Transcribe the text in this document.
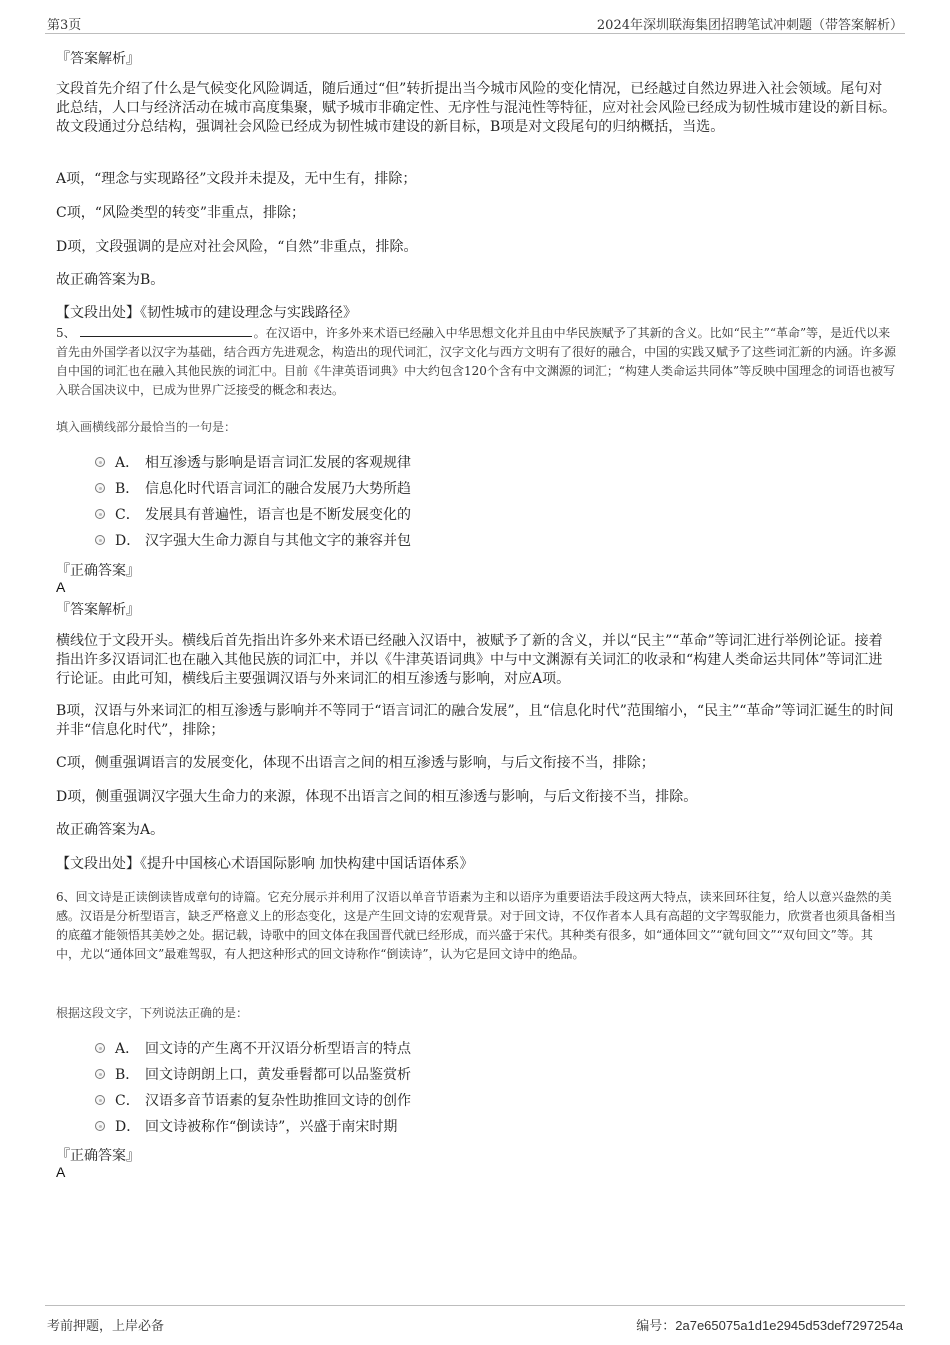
第3页	2024年深圳联海集团招聘笔试冲刺题（带答案解析）
『答案解析』
文段首先介绍了什么是气候变化风险调适，随后通过“但”转折提出当今城市风险的变化情况，已经越过自然边界进入社会领域。尾句对此总结，人口与经济活动在城市高度集聚，赋予城市非确定性、无序性与混沌性等特征，应对社会风险已经成为韧性城市建设的新目标。故文段通过分总结构，强调社会风险已经成为韧性城市建设的新目标，B项是对文段尾句的归纳概括，当选。
A项，“理念与实现路径”文段并未提及，无中生有，排除；
C项，“风险类型的转变”非重点，排除；
D项，文段强调的是应对社会风险，“自然”非重点，排除。
故正确答案为B。
【文段出处】《韧性城市的建设理念与实践路径》
5、	。在汉语中，许多外来术语已经融入中华思想文化并且由中华民族赋予了其新的含义。比如“民主”“革命”等，是近代以来首先由外国学者以汉字为基础，结合西方先进观念，构造出的现代词汇，汉字文化与西方文明有了很好的融合，中国的实践又赋予了这些词汇新的内涵。许多源自中国的词汇也在融入其他民族的词汇中。目前《牛津英语词典》中大约包含120个含有中文渊源的词汇；“构建人类命运共同体”等反映中国理念的词语也被写入联合国决议中，已成为世界广泛接受的概念和表达。
填入画横线部分最恰当的一句是：
A． 相互渗透与影响是语言词汇发展的客观规律
B． 信息化时代语言词汇的融合发展乃大势所趋
C． 发展具有普遍性，语言也是不断发展变化的
D． 汉字强大生命力源自与其他文字的兼容并包
『正确答案』
A
『答案解析』
横线位于文段开头。横线后首先指出许多外来术语已经融入汉语中，被赋予了新的含义，并以“民主”“革命”等词汇进行举例论证。接着指出许多汉语词汇也在融入其他民族的词汇中，并以《牛津英语词典》中与中文渊源有关词汇的收录和“构建人类命运共同体”等词汇进行论证。由此可知，横线后主要强调汉语与外来词汇的相互渗透与影响，对应A项。
B项，汉语与外来词汇的相互渗透与影响并不等同于“语言词汇的融合发展”，且“信息化时代”范围缩小，“民主”“革命”等词汇诞生的时间并非“信息化时代”，排除；
C项，侧重强调语言的发展变化，体现不出语言之间的相互渗透与影响，与后文衔接不当，排除；
D项，侧重强调汉字强大生命力的来源，体现不出语言之间的相互渗透与影响，与后文衔接不当，排除。
故正确答案为A。
【文段出处】《提升中国核心术语国际影响 加快构建中国话语体系》
6、回文诗是正读倒读皆成章句的诗篇。它充分展示并利用了汉语以单音节语素为主和以语序为重要语法手段这两大特点，读来回环往复，给人以意兴盎然的美感。汉语是分析型语言，缺乏严格意义上的形态变化，这是产生回文诗的宏观背景。对于回文诗，不仅作者本人具有高超的文字驾驭能力，欣赏者也须具备相当的底蕴才能领悟其美妙之处。据记载，诗歌中的回文体在我国晋代就已经形成，而兴盛于宋代。其种类有很多，如“通体回文”“就句回文”“双句回文”等。其中，尤以“通体回文”最难驾驭，有人把这种形式的回文诗称作“倒读诗”，认为它是回文诗中的绝品。
根据这段文字，下列说法正确的是：
A． 回文诗的产生离不开汉语分析型语言的特点
B． 回文诗朗朗上口，黄发垂髫都可以品鉴赏析
C． 汉语多音节语素的复杂性助推回文诗的创作
D． 回文诗被称作“倒读诗”，兴盛于南宋时期
『正确答案』
A
考前押题，上岸必备	编号：2a7e65075a1d1e2945d53def7297254a
